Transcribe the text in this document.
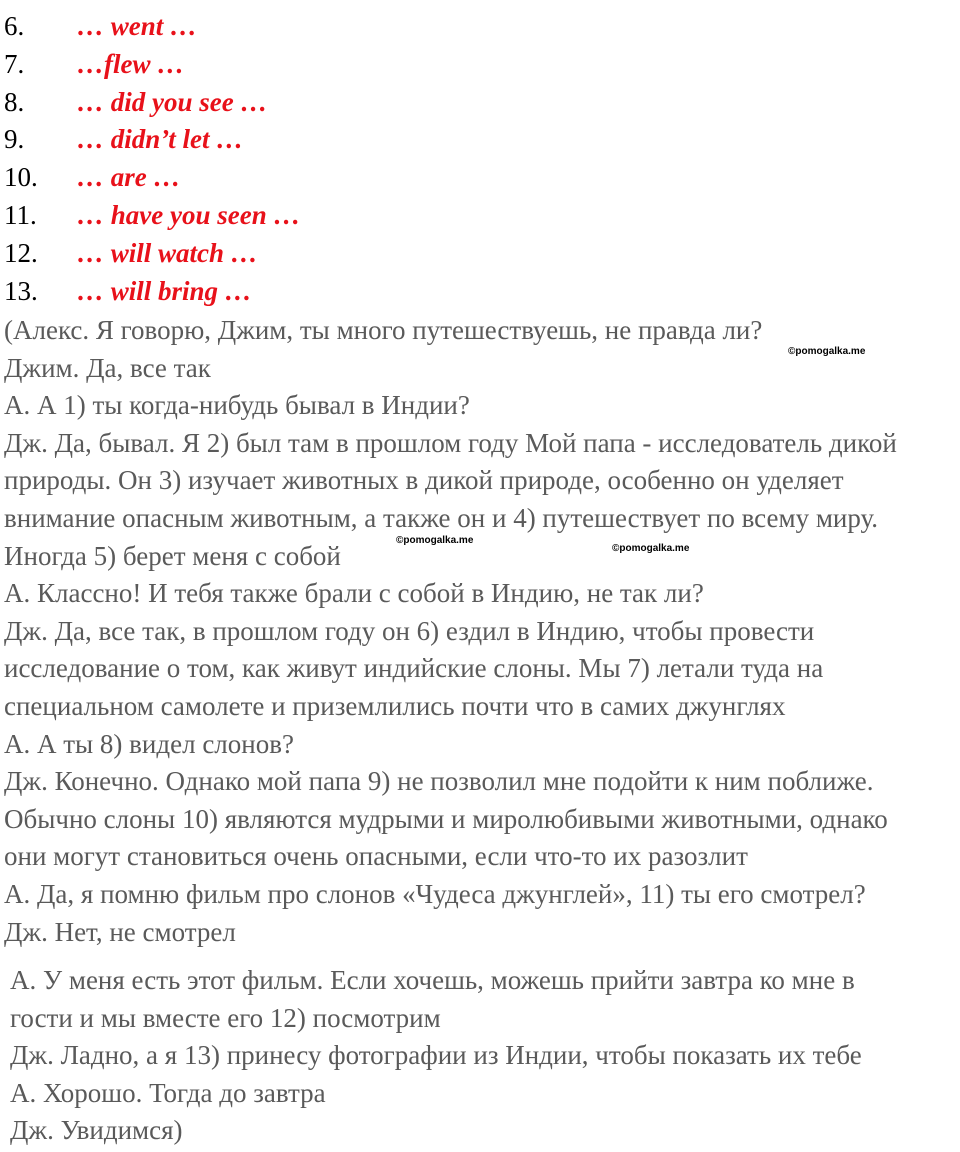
6. … went …
7. …flew …
8. … did you see …
9. … didn’t let …
10. … are …
11. … have you seen …
12. … will watch …
13. … will bring …
(Алекс. Я говорю, Джим, ты много путешествуешь, не правда ли?
Джим. Да, все так
А. А 1) ты когда-нибудь бывал в Индии?
Дж. Да, бывал. Я 2) был там в прошлом году Мой папа - исследователь дикой
природы. Он 3) изучает животных в дикой природе, особенно он уделяет
внимание опасным животным, а также он и 4) путешествует по всему миру.
Иногда 5) берет меня с собой
А. Классно! И тебя также брали с собой в Индию, не так ли?
Дж. Да, все так, в прошлом году он 6) ездил в Индию, чтобы провести
исследование о том, как живут индийские слоны. Мы 7) летали туда на
специальном самолете и приземлились почти что в самих джунглях
А. А ты 8) видел слонов?
Дж. Конечно. Однако мой папа 9) не позволил мне подойти к ним поближе.
Обычно слоны 10) являются мудрыми и миролюбивыми животными, однако
они могут становиться очень опасными, если что-то их разозлит
А. Да, я помню фильм про слонов «Чудеса джунглей», 11) ты его смотрел?
Дж. Нет, не смотрел
А. У меня есть этот фильм. Если хочешь, можешь прийти завтра ко мне в
гости и мы вместе его 12) посмотрим
Дж. Ладно, а я 13) принесу фотографии из Индии, чтобы показать их тебе
А. Хорошо. Тогда до завтра
Дж. Увидимся)
©pomogalka.me
©pomogalka.me
©pomogalka.me
